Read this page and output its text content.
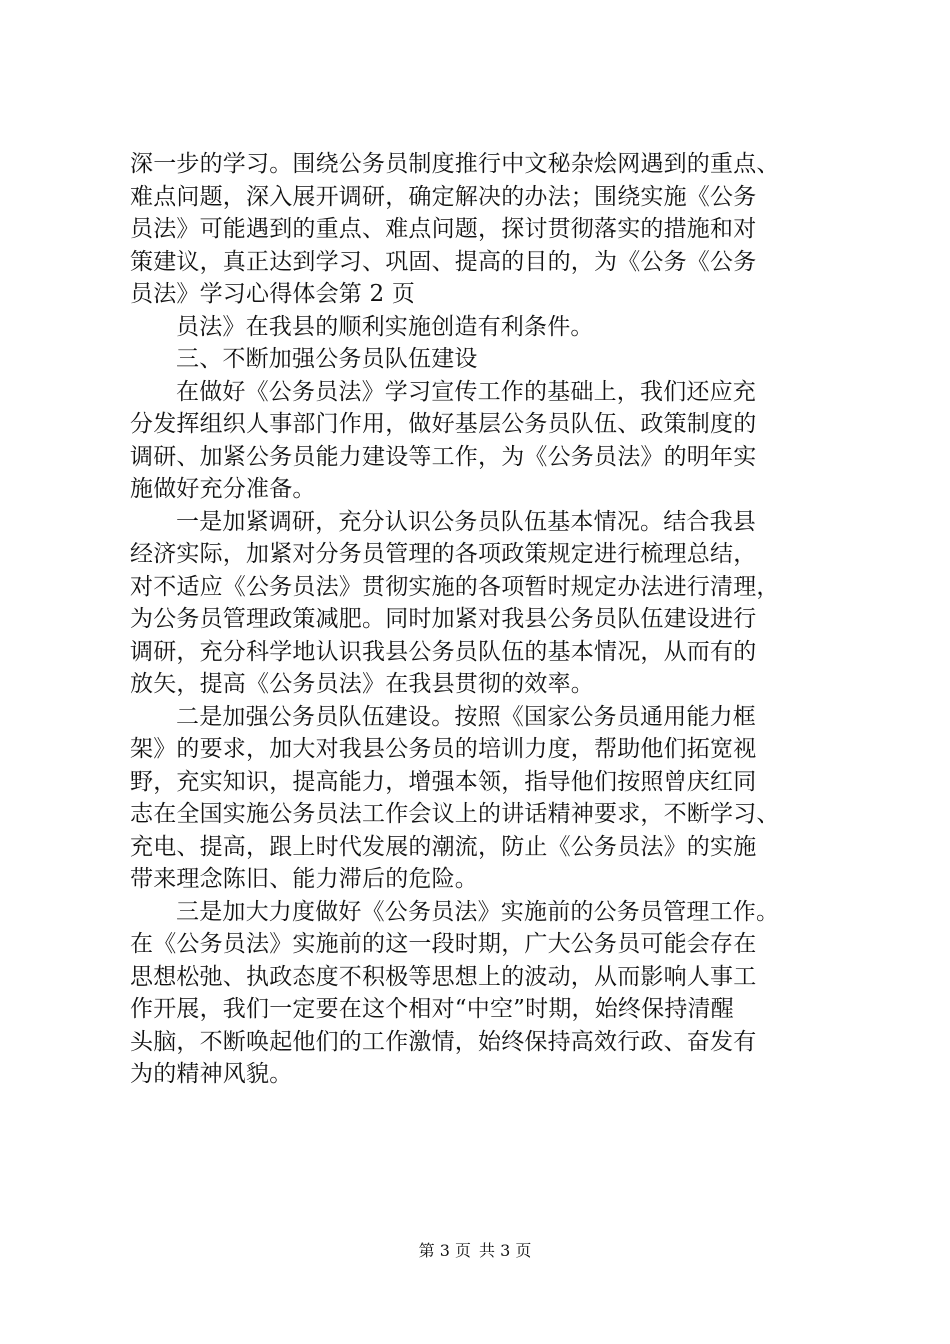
深一步的学习。围绕公务员制度推行中文秘杂烩网遇到的重点、
难点问题，深入展开调研，确定解决的办法；围绕实施《公务
员法》可能遇到的重点、难点问题，探讨贯彻落实的措施和对
策建议，真正达到学习、巩固、提高的目的，为《公务《公务
员法》学习心得体会第 2 页
员法》在我县的顺利实施创造有利条件。
三、不断加强公务员队伍建设
在做好《公务员法》学习宣传工作的基础上，我们还应充
分发挥组织人事部门作用，做好基层公务员队伍、政策制度的
调研、加紧公务员能力建设等工作，为《公务员法》的明年实
施做好充分准备。
一是加紧调研，充分认识公务员队伍基本情况。结合我县
经济实际，加紧对分务员管理的各项政策规定进行梳理总结，
对不适应《公务员法》贯彻实施的各项暂时规定办法进行清理，
为公务员管理政策减肥。同时加紧对我县公务员队伍建设进行
调研，充分科学地认识我县公务员队伍的基本情况，从而有的
放矢，提高《公务员法》在我县贯彻的效率。
二是加强公务员队伍建设。按照《国家公务员通用能力框
架》的要求，加大对我县公务员的培训力度，帮助他们拓宽视
野，充实知识，提高能力，增强本领，指导他们按照曾庆红同
志在全国实施公务员法工作会议上的讲话精神要求，不断学习、
充电、提高，跟上时代发展的潮流，防止《公务员法》的实施
带来理念陈旧、能力滞后的危险。
三是加大力度做好《公务员法》实施前的公务员管理工作。
在《公务员法》实施前的这一段时期，广大公务员可能会存在
思想松弛、执政态度不积极等思想上的波动，从而影响人事工
作开展，我们一定要在这个相对“中空”时期，始终保持清醒
头脑，不断唤起他们的工作激情，始终保持高效行政、奋发有
为的精神风貌。
第 3 页 共 3 页
